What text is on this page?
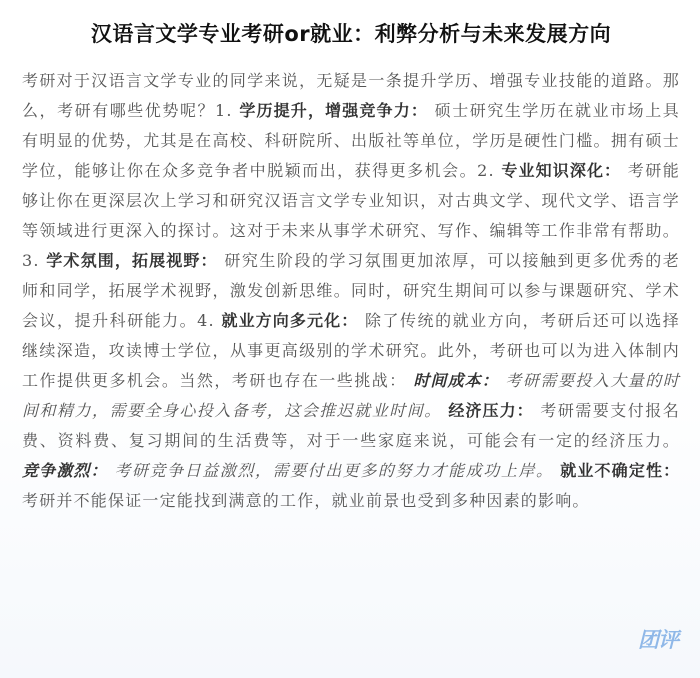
汉语言文学专业考研or就业：利弊分析与未来发展方向
考研对于汉语言文学专业的同学来说，无疑是一条提升学历、增强专业技能的道路。那么，考研有哪些优势呢？1. 学历提升，增强竞争力： 硕士研究生学历在就业市场上具有明显的优势，尤其是在高校、科研院所、出版社等单位，学历是硬性门槛。拥有硕士学位，能够让你在众多竞争者中脱颖而出，获得更多机会。2. 专业知识深化： 考研能够让你在更深层次上学习和研究汉语言文学专业知识，对古典文学、现代文学、语言学等领域进行更深入的探讨。这对于未来从事学术研究、写作、编辑等工作非常有帮助。3. 学术氛围，拓展视野： 研究生阶段的学习氛围更加浓厚，可以接触到更多优秀的老师和同学，拓展学术视野，激发创新思维。同时，研究生期间可以参与课题研究、学术会议，提升科研能力。4. 就业方向多元化： 除了传统的就业方向，考研后还可以选择继续深造，攻读博士学位，从事更高级别的学术研究。此外，考研也可以为进入体制内工作提供更多机会。当然，考研也存在一些挑战： 时间成本： 考研需要投入大量的时间和精力，需要全身心投入备考，这会推迟就业时间。 经济压力： 考研需要支付报名费、资料费、复习期间的生活费等，对于一些家庭来说，可能会有一定的经济压力。 竞争激烈： 考研竞争日益激烈，需要付出更多的努力才能成功上岸。 就业不确定性： 考研并不能保证一定能找到满意的工作，就业前景也受到多种因素的影响。
团评
